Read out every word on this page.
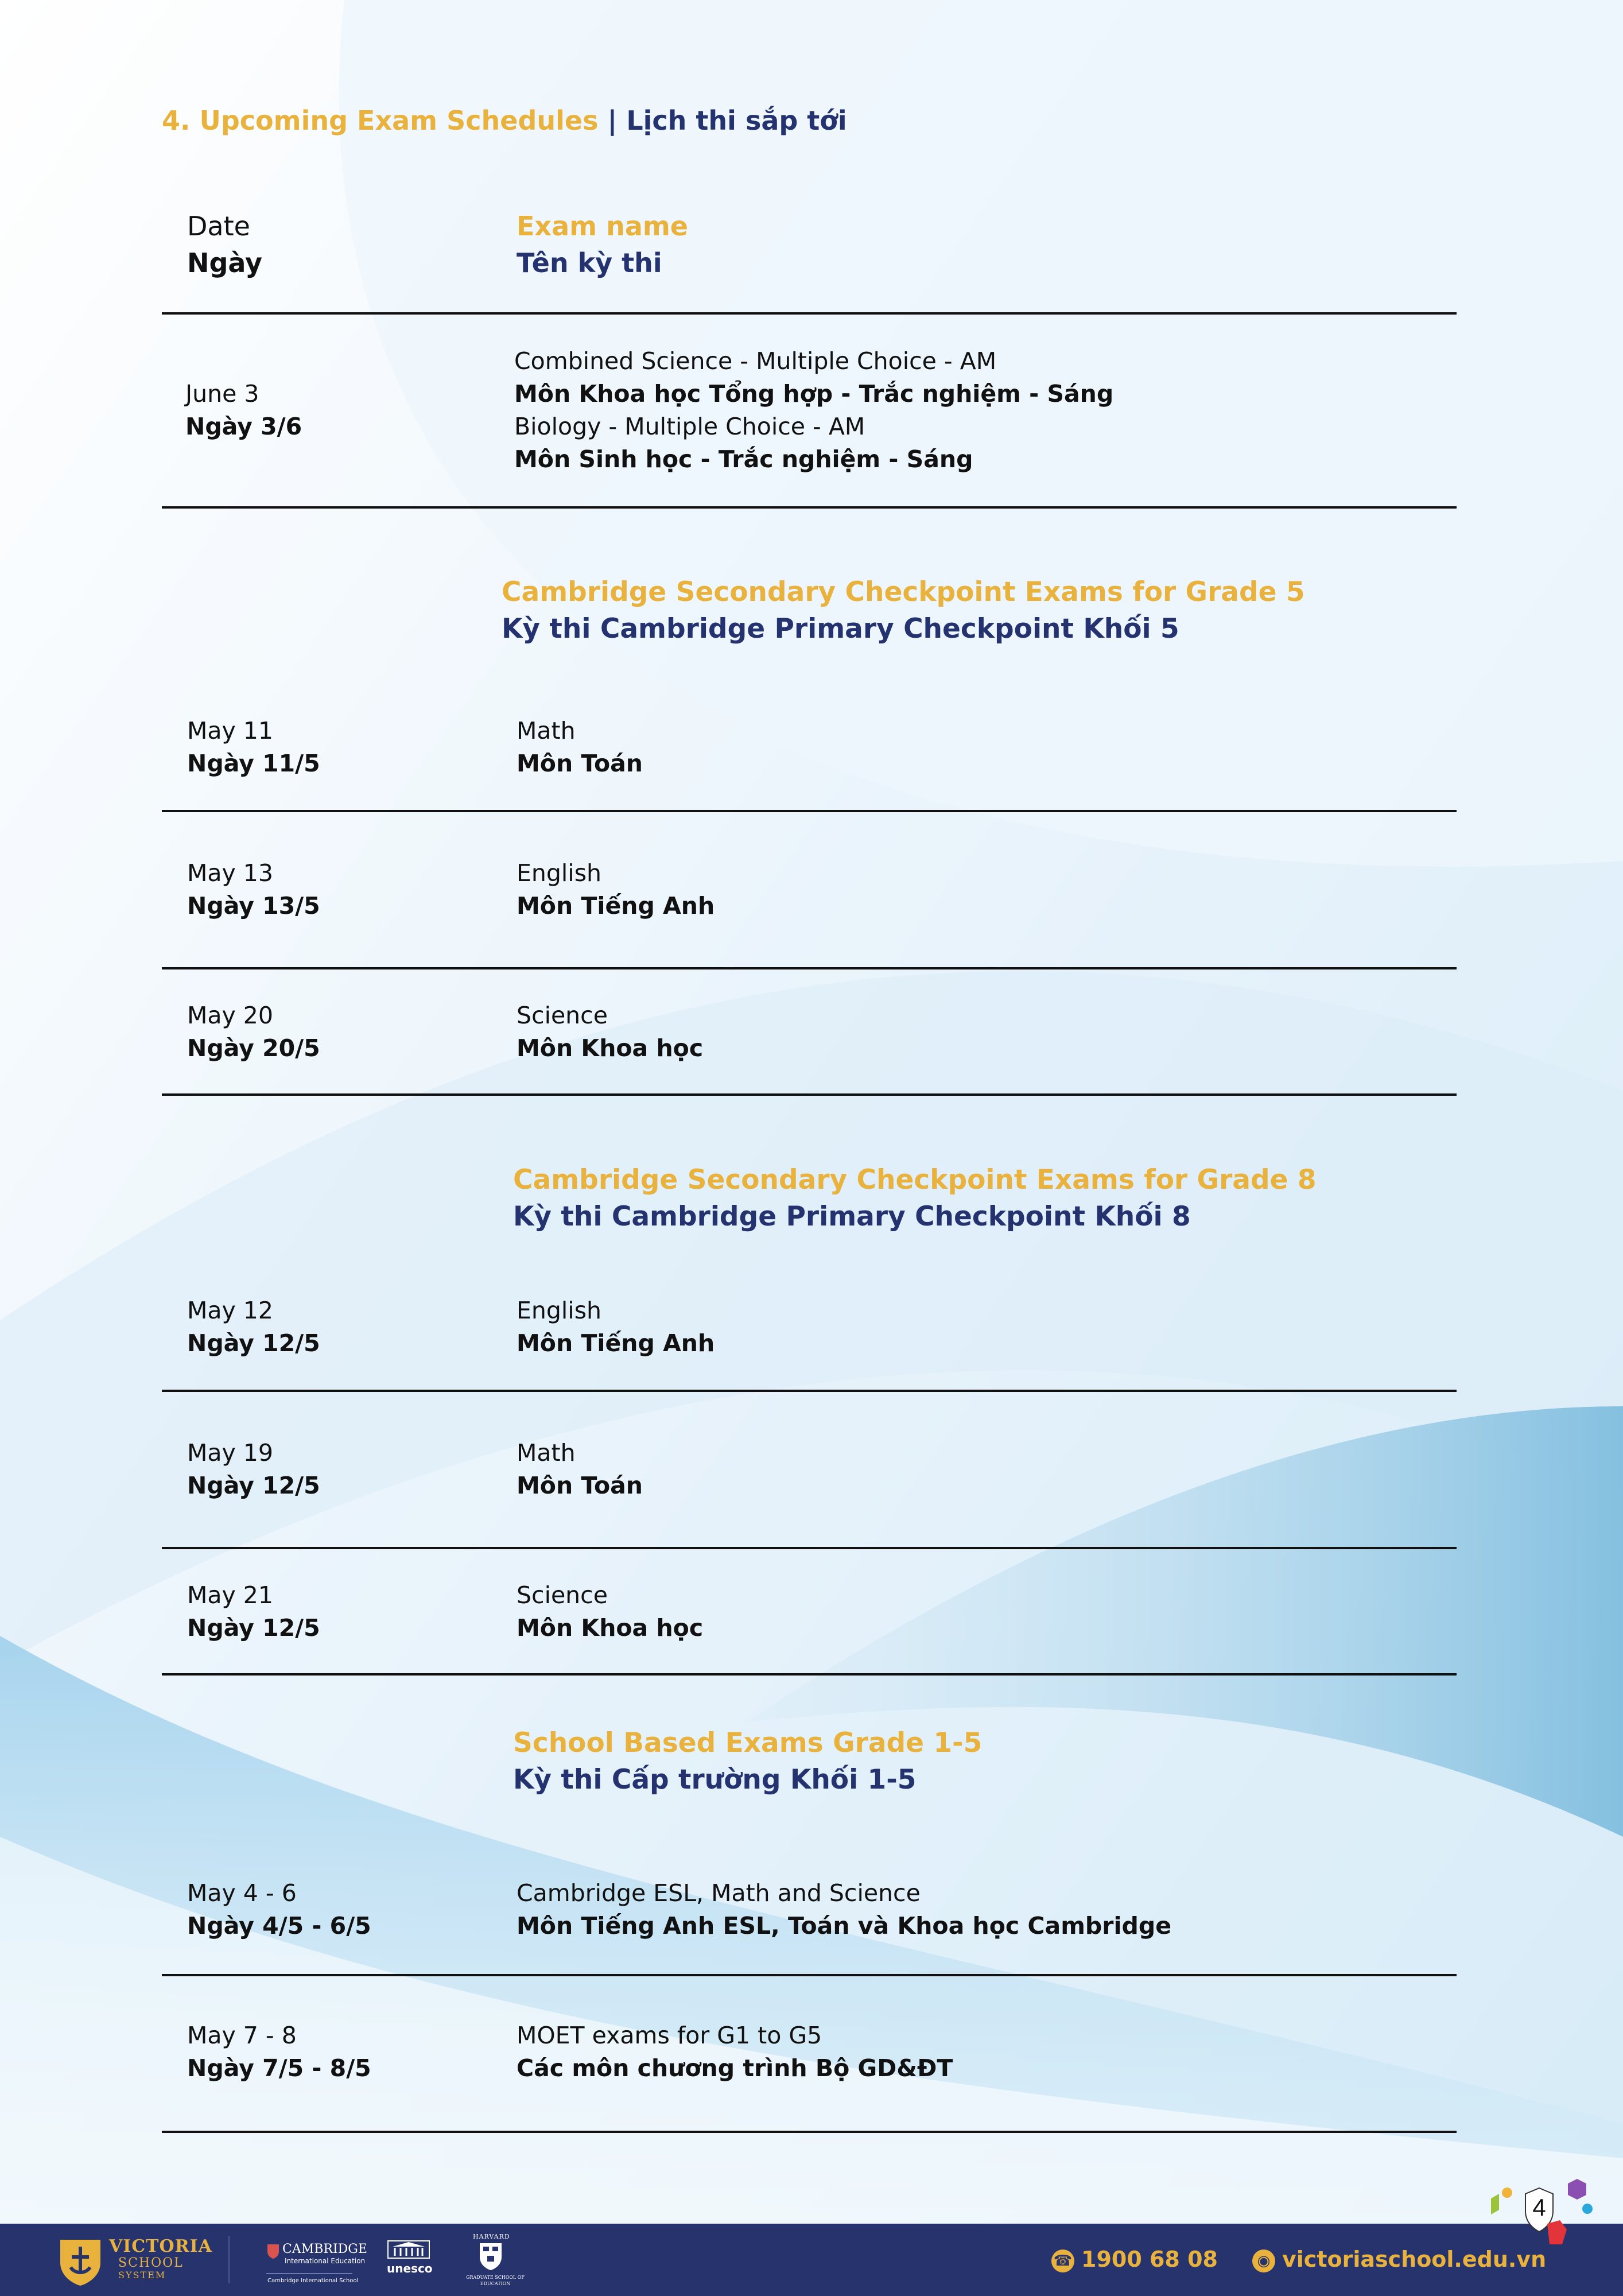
4. Upcoming Exam Schedules | Lịch thi sắp tới
Date
Ngày
Exam name
Tên kỳ thi
June 3
Ngày 3/6
Combined Science - Multiple Choice - AM
Môn Khoa học Tổng hợp - Trắc nghiệm - Sáng
Biology - Multiple Choice - AM
Môn Sinh học - Trắc nghiệm - Sáng
Cambridge Secondary Checkpoint Exams for Grade 5
Kỳ thi Cambridge Primary Checkpoint Khối 5
May 11
Ngày 11/5
Math
Môn Toán
May 13
Ngày 13/5
English
Môn Tiếng Anh
May 20
Ngày 20/5
Science
Môn Khoa học
Cambridge Secondary Checkpoint Exams for Grade 8
Kỳ thi Cambridge Primary Checkpoint Khối 8
May 12
Ngày 12/5
English
Môn Tiếng Anh
May 19
Ngày 12/5
Math
Môn Toán
May 21
Ngày 12/5
Science
Môn Khoa học
School Based Exams Grade 1-5
Kỳ thi Cấp trường Khối 1-5
May 4 - 6
Ngày 4/5 - 6/5
Cambridge ESL, Math and Science
Môn Tiếng Anh ESL, Toán và Khoa học Cambridge
May 7 - 8
Ngày 7/5 - 8/5
MOET exams for G1 to G5
Các môn chương trình Bộ GD&ĐT
4
VICTORIA
SCHOOL
SYSTEM
CAMBRIDGE
International Education
Cambridge International School
unesco
HARVARD
GRADUATE SCHOOL OF EDUCATION
☎ 1900 68 08	◉ victoriaschool.edu.vn
